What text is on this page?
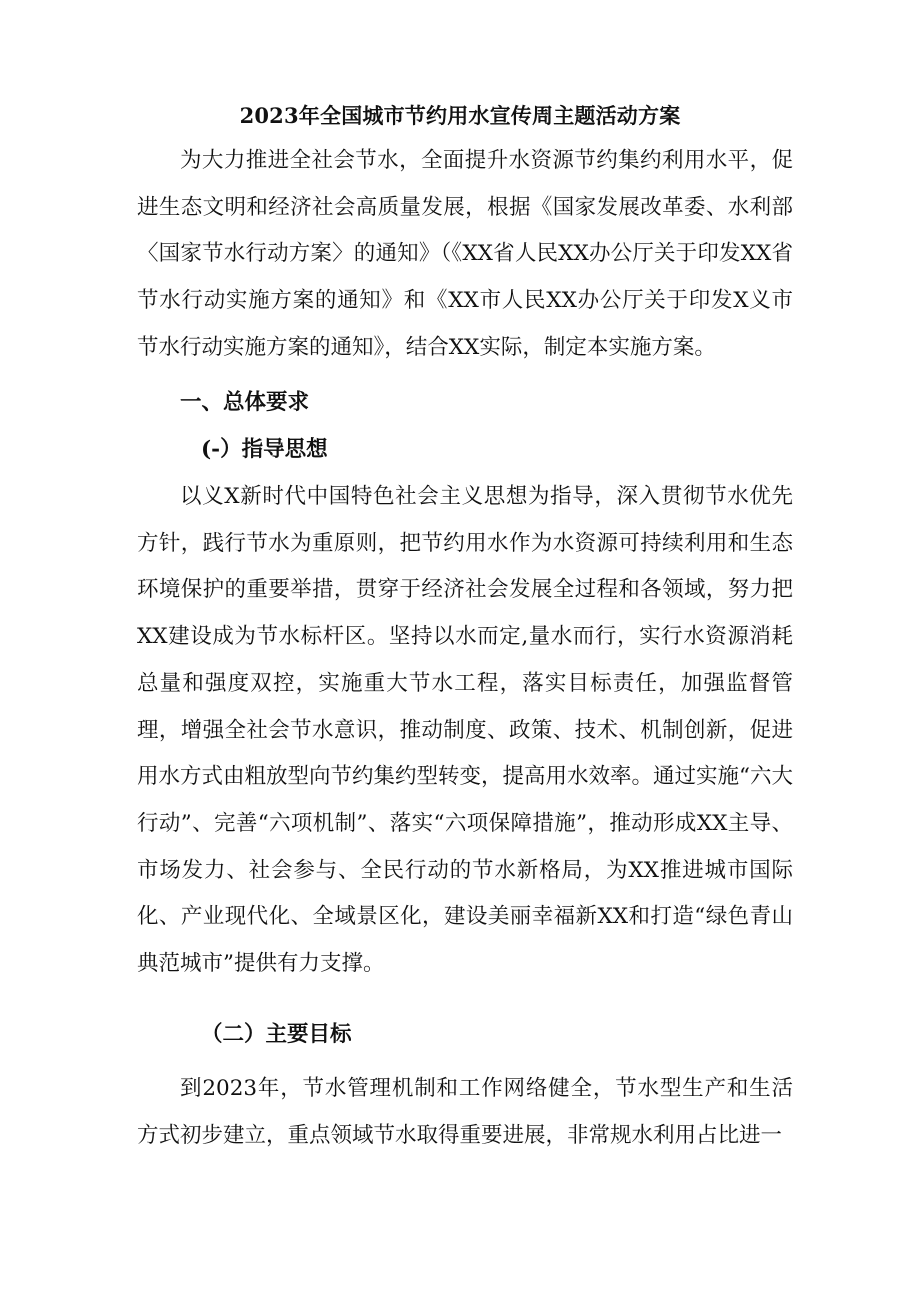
2023年全国城市节约用水宣传周主题活动方案

为大力推进全社会节水，全面提升水资源节约集约利用水平，促进生态文明和经济社会高质量发展，根据《国家发展改革委、水利部〈国家节水行动方案〉的通知》（《XX省人民XX办公厅关于印发XX省节水行动实施方案的通知》和《XX市人民XX办公厅关于印发X义市节水行动实施方案的通知》，结合XX实际，制定本实施方案。

一、总体要求

(-）指导思想

以义X新时代中国特色社会主义思想为指导，深入贯彻节水优先方针，践行节水为重原则，把节约用水作为水资源可持续利用和生态环境保护的重要举措，贯穿于经济社会发展全过程和各领域，努力把XX建设成为节水标杆区。坚持以水而定,量水而行，实行水资源消耗总量和强度双控，实施重大节水工程，落实目标责任，加强监督管理，增强全社会节水意识，推动制度、政策、技术、机制创新，促进用水方式由粗放型向节约集约型转变，提高用水效率。通过实施“六大行动”、完善“六项机制”、落实“六项保障措施”，推动形成XX主导、市场发力、社会参与、全民行动的节水新格局，为XX推进城市国际化、产业现代化、全域景区化，建设美丽幸福新XX和打造“绿色青山典范城市”提供有力支撑。

（二）主要目标

到2023年，节水管理机制和工作网络健全，节水型生产和生活方式初步建立，重点领域节水取得重要进展，非常规水利用占比进一
